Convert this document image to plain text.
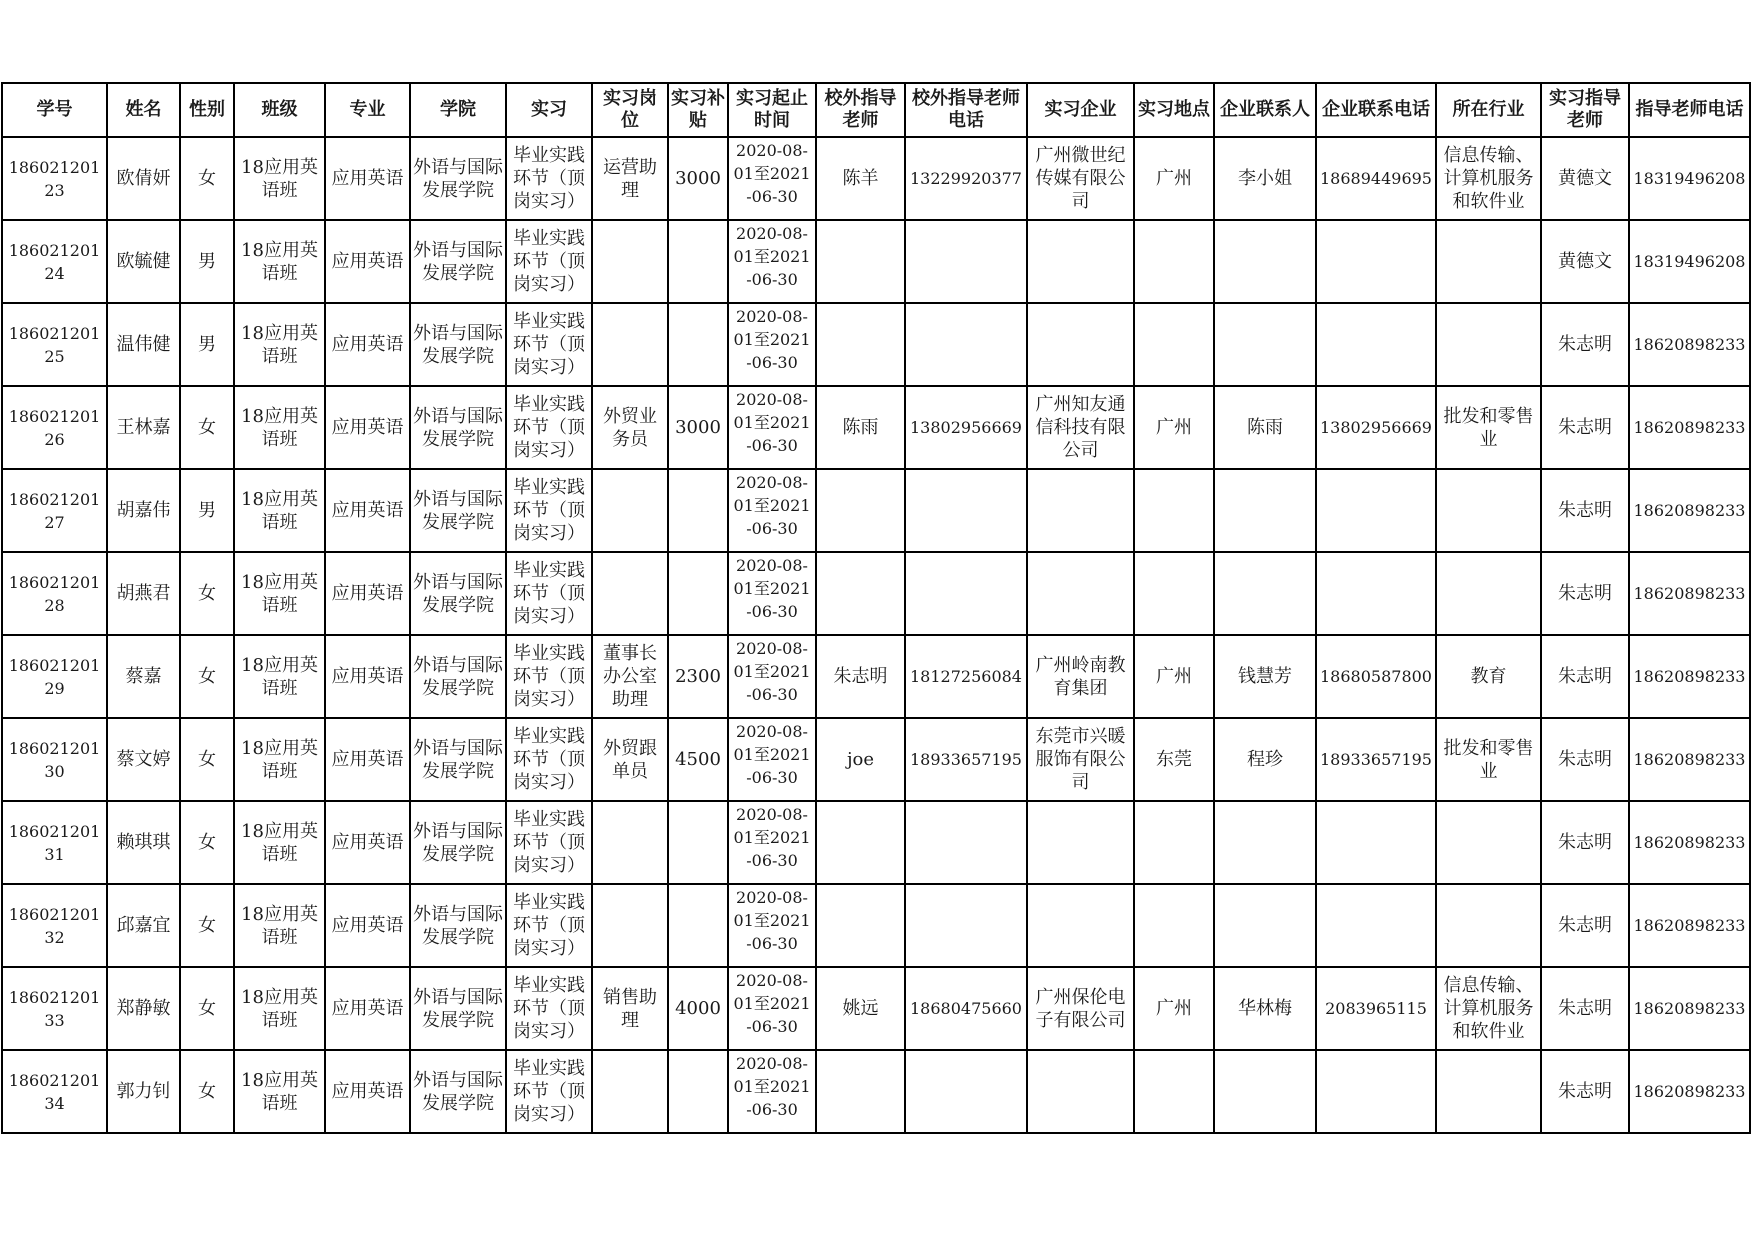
学号	姓名	性别	班级	专业	学院	实习	实习岗位	实习补贴	实习起止时间	校外指导老师	校外指导老师电话	实习企业	实习地点	企业联系人	企业联系电话	所在行业	实习指导老师	指导老师电话
18602120123	欧倩妍	女	18应用英语班	应用英语	外语与国际发展学院	毕业实践环节（顶岗实习）	运营助理	3000	2020-08-01至2021-06-30	陈羊	13229920377	广州微世纪传媒有限公司	广州	李小姐	18689449695	信息传输、计算机服务和软件业	黄德文	18319496208
18602120124	欧毓健	男	18应用英语班	应用英语	外语与国际发展学院	毕业实践环节（顶岗实习）			2020-08-01至2021-06-30								黄德文	18319496208
18602120125	温伟健	男	18应用英语班	应用英语	外语与国际发展学院	毕业实践环节（顶岗实习）			2020-08-01至2021-06-30								朱志明	18620898233
18602120126	王林嘉	女	18应用英语班	应用英语	外语与国际发展学院	毕业实践环节（顶岗实习）	外贸业务员	3000	2020-08-01至2021-06-30	陈雨	13802956669	广州知友通信科技有限公司	广州	陈雨	13802956669	批发和零售业	朱志明	18620898233
18602120127	胡嘉伟	男	18应用英语班	应用英语	外语与国际发展学院	毕业实践环节（顶岗实习）			2020-08-01至2021-06-30								朱志明	18620898233
18602120128	胡燕君	女	18应用英语班	应用英语	外语与国际发展学院	毕业实践环节（顶岗实习）			2020-08-01至2021-06-30								朱志明	18620898233
18602120129	蔡嘉	女	18应用英语班	应用英语	外语与国际发展学院	毕业实践环节（顶岗实习）	董事长办公室助理	2300	2020-08-01至2021-06-30	朱志明	18127256084	广州岭南教育集团	广州	钱慧芳	18680587800	教育	朱志明	18620898233
18602120130	蔡文婷	女	18应用英语班	应用英语	外语与国际发展学院	毕业实践环节（顶岗实习）	外贸跟单员	4500	2020-08-01至2021-06-30	joe	18933657195	东莞市兴暖服饰有限公司	东莞	程珍	18933657195	批发和零售业	朱志明	18620898233
18602120131	赖琪琪	女	18应用英语班	应用英语	外语与国际发展学院	毕业实践环节（顶岗实习）			2020-08-01至2021-06-30								朱志明	18620898233
18602120132	邱嘉宜	女	18应用英语班	应用英语	外语与国际发展学院	毕业实践环节（顶岗实习）			2020-08-01至2021-06-30								朱志明	18620898233
18602120133	郑静敏	女	18应用英语班	应用英语	外语与国际发展学院	毕业实践环节（顶岗实习）	销售助理	4000	2020-08-01至2021-06-30	姚远	18680475660	广州保伦电子有限公司	广州	华林梅	2083965115	信息传输、计算机服务和软件业	朱志明	18620898233
18602120134	郭力钊	女	18应用英语班	应用英语	外语与国际发展学院	毕业实践环节（顶岗实习）			2020-08-01至2021-06-30								朱志明	18620898233
